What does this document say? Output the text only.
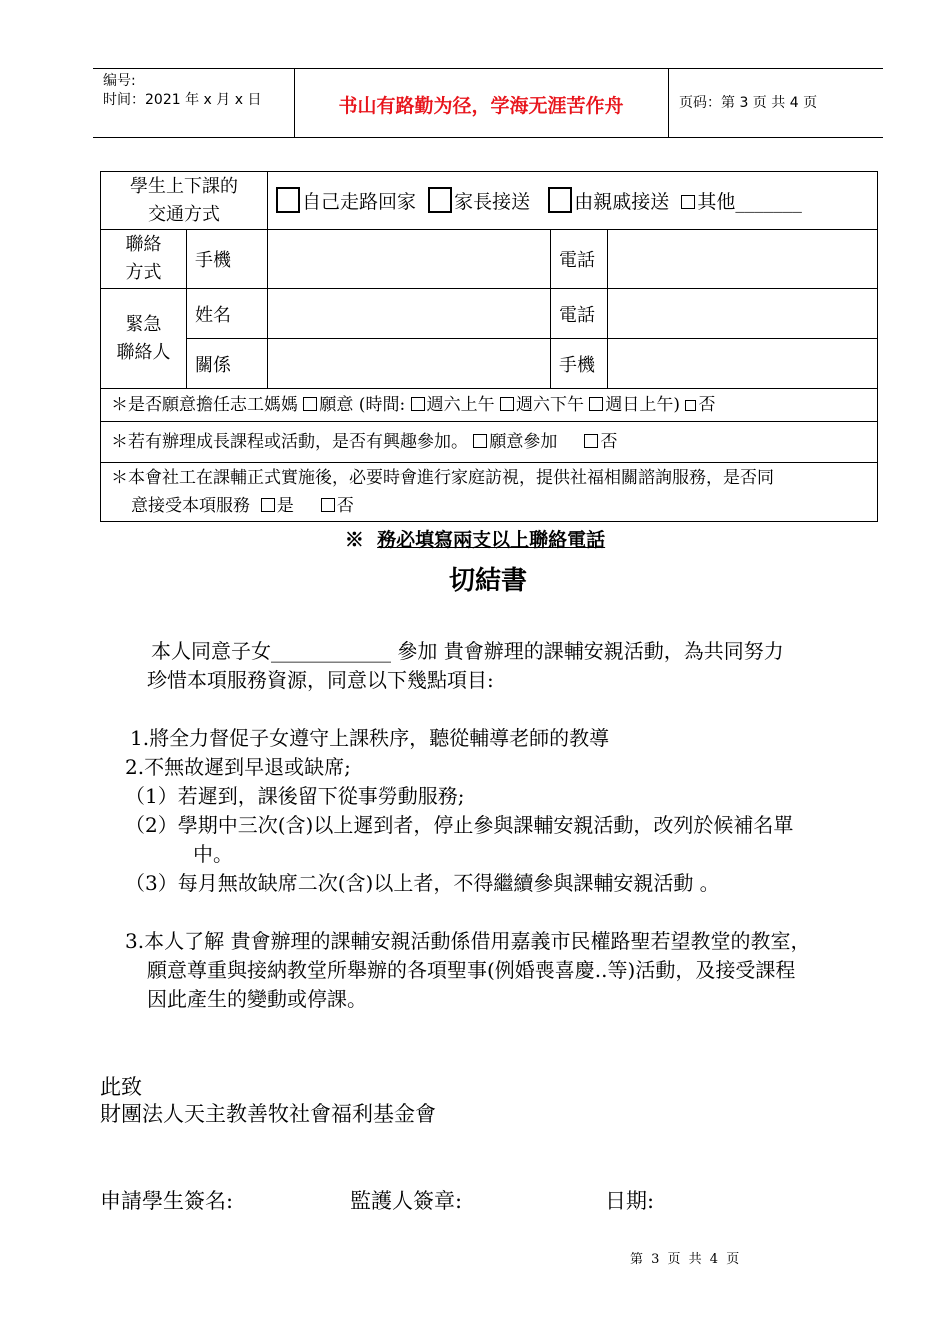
编号:
时间：2021 年 x 月 x 日	书山有路勤为径，学海无涯苦作舟	页码：第 3 页 共 4 页
學生上下課的
交通方式		自己走路回家 家長接送 由親戚接送 其他_______		

聯絡
方式	手機		電話	

緊急
聯絡人	姓名		電話	
	關係		手機	
＊是否願意擔任志工媽媽 願意 (時間: 週六上午 週六下午 週日上午) 否				
＊若有辦理成長課程或活動，是否有興趣參加。 願意參加 否				

＊本會社工在課輔正式實施後，必要時會進行家庭訪視，提供社福相關諮詢服務，是否同
意接受本項服務 是 否				
※ 務必填寫兩支以上聯絡電話
切結書
本人同意子女____________ 參加 貴會辦理的課輔安親活動，為共同努力
珍惜本項服務資源，同意以下幾點項目:
1.將全力督促子女遵守上課秩序，聽從輔導老師的教導
2.不無故遲到早退或缺席;
（1）若遲到，課後留下從事勞動服務;
（2）學期中三次(含)以上遲到者，停止參與課輔安親活動，改列於候補名單
中。
（3）每月無故缺席二次(含)以上者，不得繼續參與課輔安親活動 。
3.本人了解 貴會辦理的課輔安親活動係借用嘉義市民權路聖若望教堂的教室，
願意尊重與接納教堂所舉辦的各項聖事(例婚喪喜慶..等)活動，及接受課程
因此產生的變動或停課。
此致
財團法人天主教善牧社會福利基金會
申請學生簽名:	監護人簽章:	日期:
第 3 页 共 4 页
